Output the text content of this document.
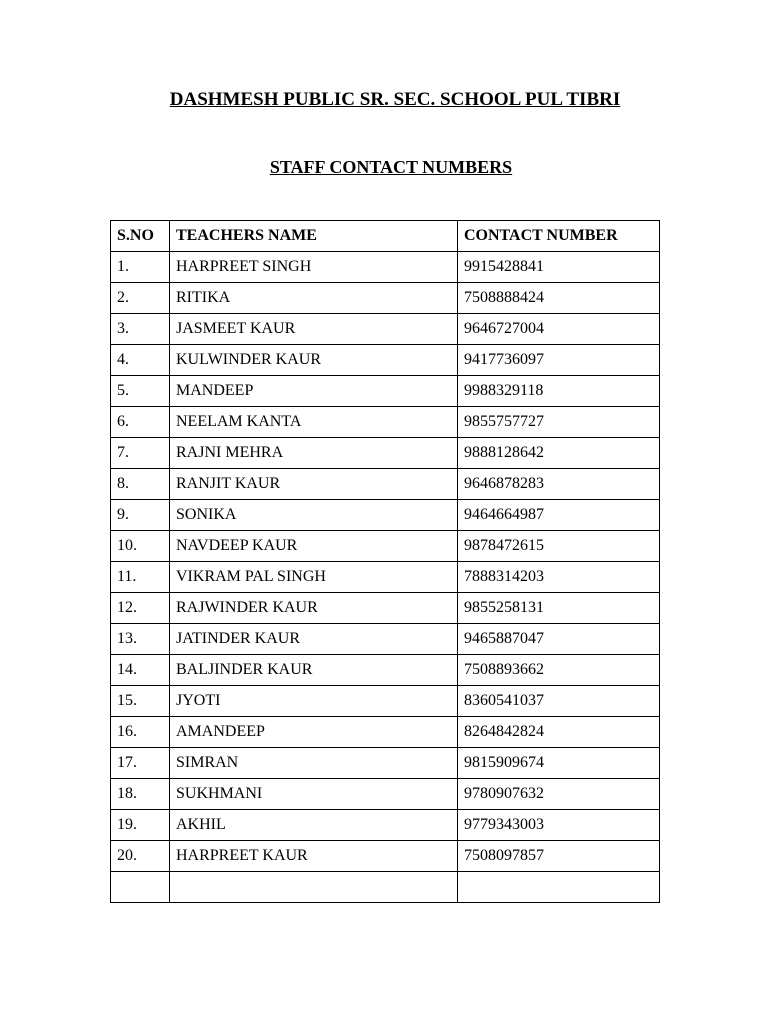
DASHMESH PUBLIC SR. SEC. SCHOOL PUL TIBRI
STAFF CONTACT NUMBERS
S.NO	TEACHERS NAME	CONTACT NUMBER
1.	HARPREET SINGH	9915428841
2.	RITIKA	7508888424
3.	JASMEET KAUR	9646727004
4.	KULWINDER KAUR	9417736097
5.	MANDEEP	9988329118
6.	NEELAM KANTA	9855757727
7.	RAJNI MEHRA	9888128642
8.	RANJIT KAUR	9646878283
9.	SONIKA	9464664987
10.	NAVDEEP KAUR	9878472615
11.	VIKRAM PAL SINGH	7888314203
12.	RAJWINDER KAUR	9855258131
13.	JATINDER KAUR	9465887047
14.	BALJINDER KAUR	7508893662
15.	JYOTI	8360541037
16.	AMANDEEP	8264842824
17.	SIMRAN	9815909674
18.	SUKHMANI	9780907632
19.	AKHIL	9779343003
20.	HARPREET KAUR	7508097857
